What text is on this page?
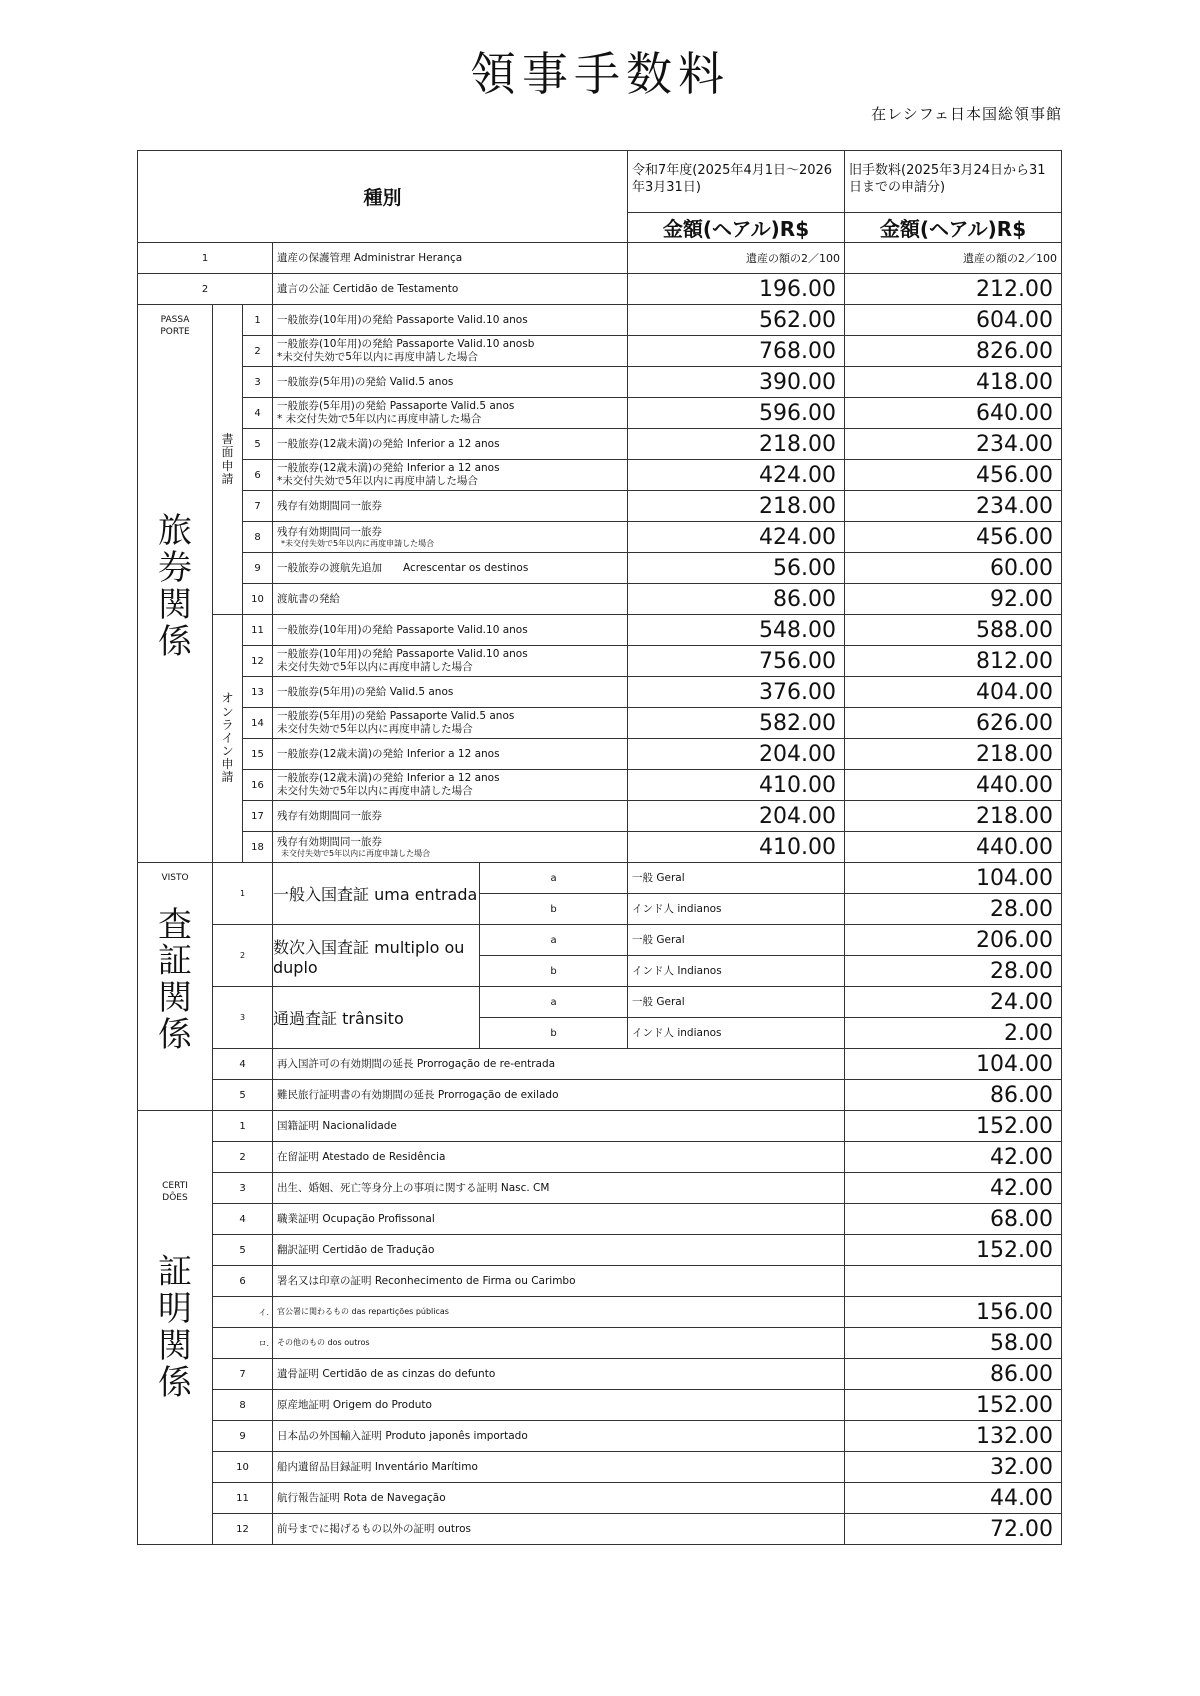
領事手数料
在レシフェ日本国総領事館
種別					令和7年度(2025年4月1日～2026年3月31日)	旧手数料(2025年3月24日から31日までの申請分)	
					金額(ヘアル)R$	金額(ヘアル)R$	
1			遺産の保護管理 Administrar Herança		遺産の額の2／100	遺産の額の2／100	
2			遺言の公証 Certidão de Testamento		196.00	212.00	

PASSA
PORTE
旅券関係	書面申請	1	一般旅券(10年用)の発給 Passaporte Valid.10 anos		562.00	604.00	
		2	一般旅券(10年用)の発給 Passaporte Valid.10 anosb
*未交付失効で5年以内に再度申請した場合		768.00	826.00	
		3	一般旅券(5年用)の発給 Valid.5 anos		390.00	418.00	
		4	一般旅券(5年用)の発給 Passaporte Valid.5 anos
* 未交付失効で5年以内に再度申請した場合		596.00	640.00	
		5	一般旅券(12歳未満)の発給 Inferior a 12 anos		218.00	234.00	
		6	一般旅券(12歳未満)の発給 Inferior a 12 anos
*未交付失効で5年以内に再度申請した場合		424.00	456.00	
		7	残存有効期間同一旅券		218.00	234.00	
		8	残存有効期間同一旅券
*未交付失効で5年以内に再度申請した場合		424.00	456.00	
		9	一般旅券の渡航先追加　　Acrescentar os destinos		56.00	60.00	
		10	渡航書の発給		86.00	92.00	

	オンライン申請	11	一般旅券(10年用)の発給 Passaporte Valid.10 anos		548.00	588.00	
		12	一般旅券(10年用)の発給 Passaporte Valid.10 anos
未交付失効で5年以内に再度申請した場合		756.00	812.00	
		13	一般旅券(5年用)の発給 Valid.5 anos		376.00	404.00	
		14	一般旅券(5年用)の発給 Passaporte Valid.5 anos
未交付失効で5年以内に再度申請した場合		582.00	626.00	
		15	一般旅券(12歳未満)の発給 Inferior a 12 anos		204.00	218.00	
		16	一般旅券(12歳未満)の発給 Inferior a 12 anos
未交付失効で5年以内に再度申請した場合		410.00	440.00	
		17	残存有効期間同一旅券		204.00	218.00	
		18	残存有効期間同一旅券
未交付失効で5年以内に再度申請した場合		410.00	440.00	

VISTO
査証関係	1		一般入国査証 uma entrada	a	一般 Geral	104.00	
				b	インド人 indianos	28.00	

	2		数次入国査証 multiplo ou duplo	a	一般 Geral	206.00	
				b	インド人 Indianos	28.00	

	3		通過査証 trânsito	a	一般 Geral	24.00	
				b	インド人 indianos	2.00	
	4		再入国許可の有効期間の延長 Prorrogação de re-entrada			104.00	
	5		難民旅行証明書の有効期間の延長 Prorrogação de exilado			86.00	

CERTI
DÕES
証明関係	1		国籍証明 Nacionalidade			152.00	
	2		在留証明 Atestado de Residência			42.00	
	3		出生、婚姻、死亡等身分上の事項に関する証明 Nasc. CM			42.00	
	4		職業証明 Ocupação Profissonal			68.00	
	5		翻訳証明 Certidão de Tradução			152.00	
	6		署名又は印章の証明 Reconhecimento de Firma ou Carimbo				
	イ.		官公署に関わるもの das repartições públicas			156.00	
	ロ.		その他のもの dos outros			58.00	
	7		遺骨証明 Certidão de as cinzas do defunto			86.00	
	8		原産地証明 Origem do Produto			152.00	
	9		日本品の外国輸入証明 Produto japonês importado			132.00	
	10		船内遺留品目録証明 Inventário Marítimo			32.00	
	11		航行報告証明 Rota de Navegação			44.00	
	12		前号までに掲げるもの以外の証明 outros			72.00	
